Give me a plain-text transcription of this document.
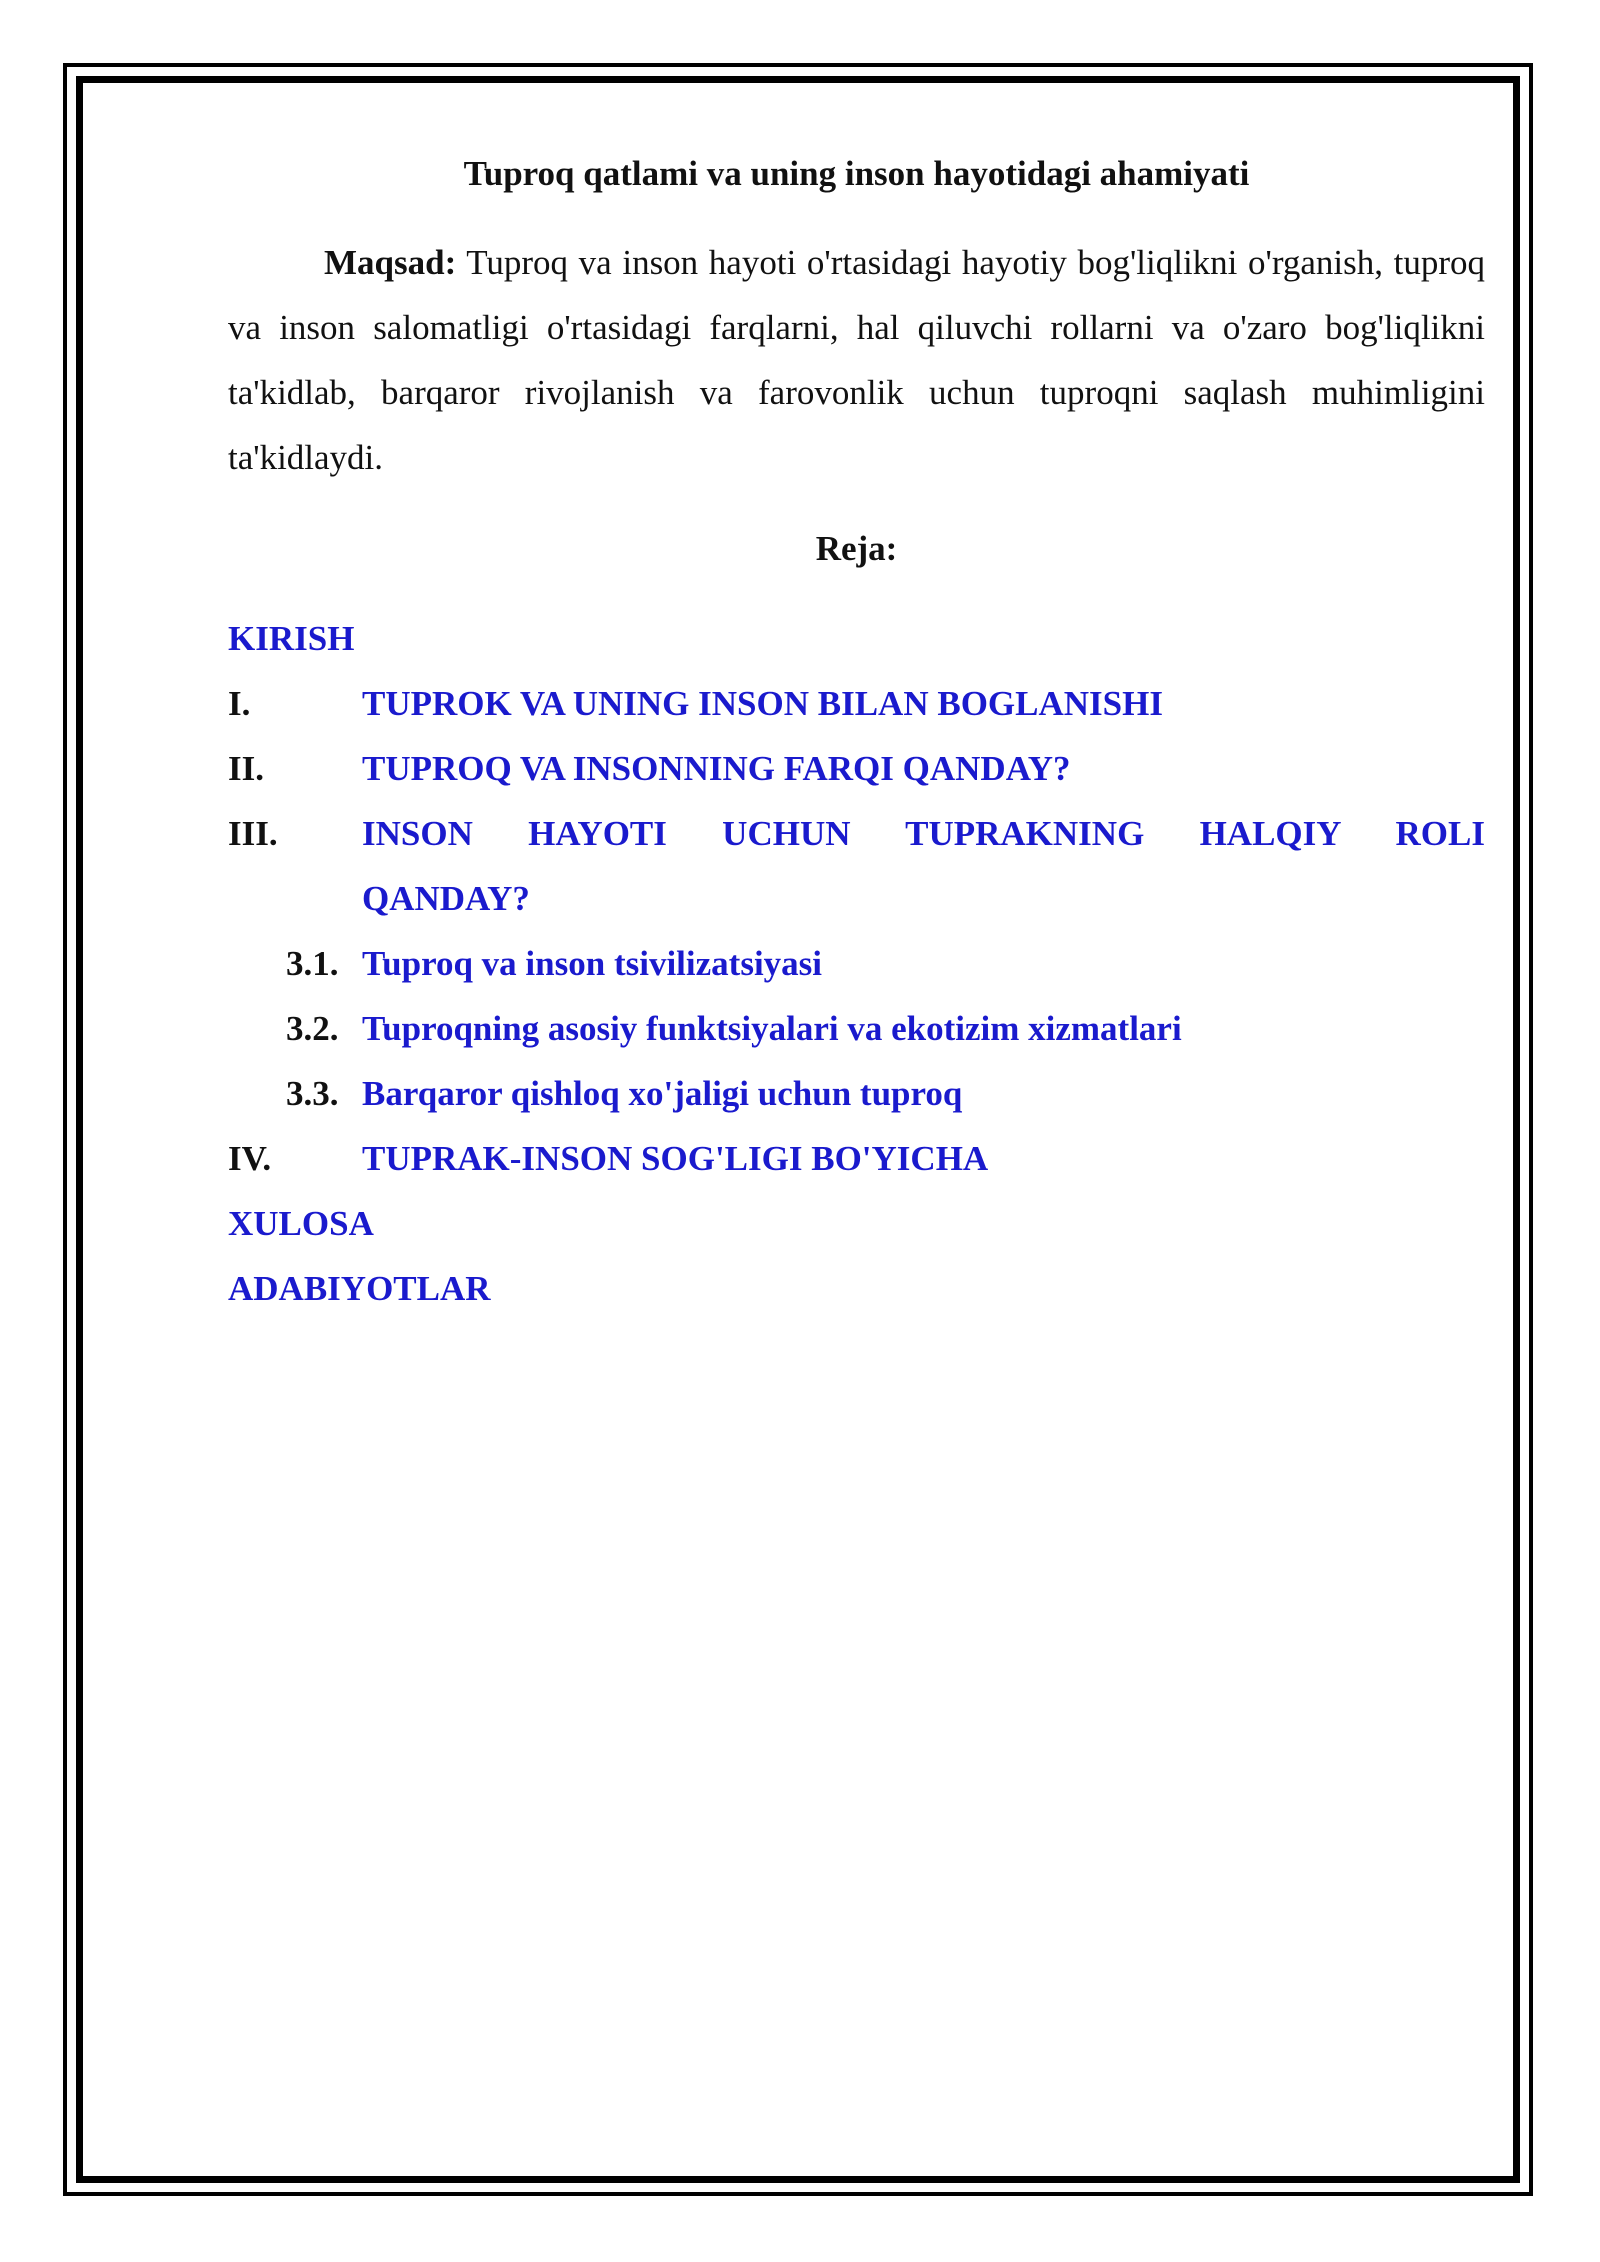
Tuproq qatlami va uning inson hayotidagi ahamiyati

Maqsad: Tuproq va inson hayoti o'rtasidagi hayotiy bog'liqlikni o'rganish, tuproq va inson salomatligi o'rtasidagi farqlarni, hal qiluvchi rollarni va o'zaro bog'liqlikni ta'kidlab, barqaror rivojlanish va farovonlik uchun tuproqni saqlash muhimligini ta'kidlaydi.

Reja:
KIRISH
I.	TUPROK VA UNING INSON BILAN BOGLANISHI
II.	TUPROQ VA INSONNING FARQI QANDAY?
III.	INSON HAYOTI UCHUN TUPRAKNING HALQIY ROLI
QANDAY?
3.1. Tuproq va inson tsivilizatsiyasi
3.2. Tuproqning asosiy funktsiyalari va ekotizim xizmatlari
3.3. Barqaror qishloq xo'jaligi uchun tuproq
IV.	TUPRAK-INSON SOG'LIGI BO'YICHA
XULOSA
ADABIYOTLAR
